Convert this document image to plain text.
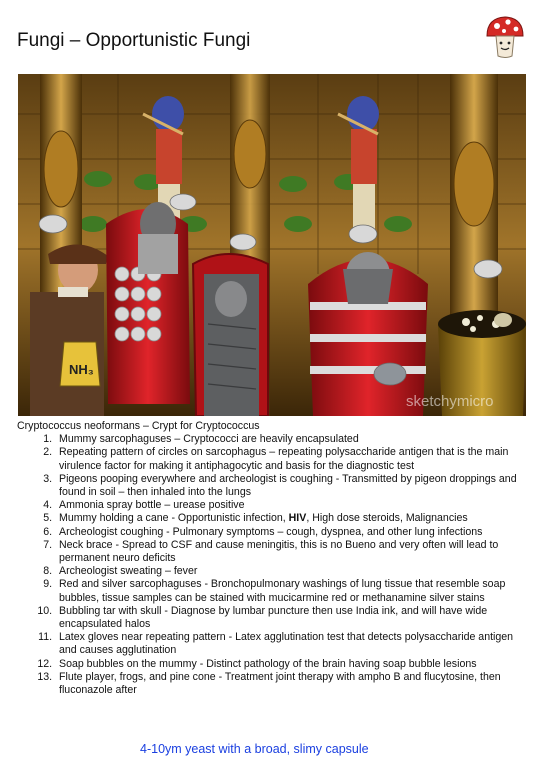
Fungi – Opportunistic Fungi
NH₃
sketchymicro

Cryptococcus neoformans – Crypt for Cryptococcus

1. Mummy sarcophaguses – Cryptococci are heavily encapsulated
2. Repeating pattern of circles on sarcophagus – repeating polysaccharide antigen that is the main virulence factor for making it antiphagocytic and basis for the diagnostic test
3. Pigeons pooping everywhere and archeologist is coughing - Transmitted by pigeon droppings and found in soil – then inhaled into the lungs
4. Ammonia spray bottle – urease positive
5. Mummy holding a cane - Opportunistic infection, HIV, High dose steroids, Malignancies
6. Archeologist coughing - Pulmonary symptoms – cough, dyspnea, and other lung infections
7. Neck brace - Spread to CSF and cause meningitis, this is no Bueno and very often will lead to permanent neuro deficits
8. Archeologist sweating – fever
9. Red and silver sarcophaguses - Bronchopulmonary washings of lung tissue that resemble soap bubbles, tissue samples can be stained with mucicarmine red or methanamine silver stains
10. Bubbling tar with skull - Diagnose by lumbar puncture then use India ink, and will have wide encapsulated halos
11. Latex gloves near repeating pattern - Latex agglutination test that detects polysaccharide antigen and causes agglutination
12. Soap bubbles on the mummy - Distinct pathology of the brain having soap bubble lesions
13. Flute player, frogs, and pine cone - Treatment joint therapy with ampho B and flucytosine, then fluconazole after
4-10ym yeast with a broad, slimy capsule
